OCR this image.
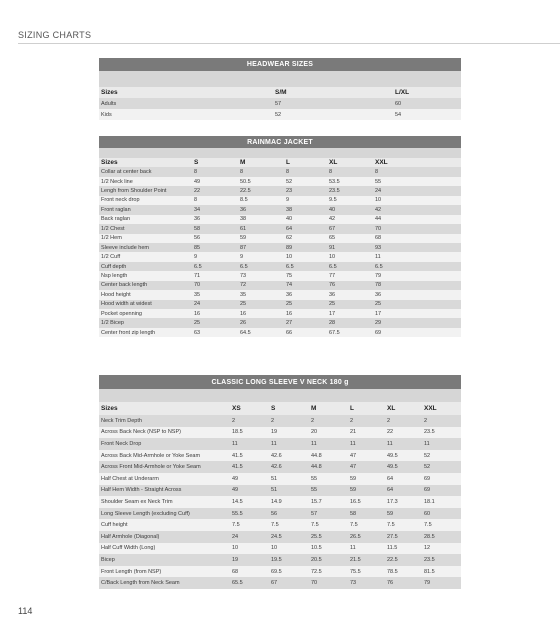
SIZING CHARTS
HEADWEAR SIZES
Sizes	S/M	L/XL
Adults	57	60
Kids	52	54
RAINMAC JACKET
Sizes	S	M	L	XL	XXL
Collar at center back	8	8	8	8	8
1/2 Neck line	49	50.5	52	53.5	55
Lengh from Shoulder Point	22	22.5	23	23.5	24
Front neck drop	8	8.5	9	9.5	10
Front raglan	34	36	38	40	42
Back raglan	36	38	40	42	44
1/2 Chest	58	61	64	67	70
1/2 Hem	56	59	62	65	68
Sleeve include hem	85	87	89	91	93
1/2 Cuff	9	9	10	10	11
Cuff depth	6.5	6.5	6.5	6.5	6.5
Nsp length	71	73	75	77	79
Center back length	70	72	74	76	78
Hood height	35	35	36	36	36
Hood width at widest	24	25	25	25	25
Pocket openning	16	16	16	17	17
1/2 Bicep	25	26	27	28	29
Center front zip length	63	64.5	66	67.5	69
CLASSIC LONG SLEEVE V NECK 180 g
Sizes	XS	S	M	L	XL	XXL
Neck Trim Depth	2	2	2	2	2	2
Across Back Neck (NSP to NSP)	18.5	19	20	21	22	23.5
Front Neck Drop	11	11	11	11	11	11
Across Back Mid-Armhole or Yoke Seam	41.5	42.6	44.8	47	49.5	52
Across Front Mid-Armhole or Yoke Seam	41.5	42.6	44.8	47	49.5	52
Half Chest at Underarm	49	51	55	59	64	69
Half Hem Width - Straight Across	49	51	55	59	64	69
Shoulder Seam ex Neck Trim	14.5	14.9	15.7	16.5	17.3	18.1
Long Sleeve Length (excluding Cuff)	55.5	56	57	58	59	60
Cuff height	7.5	7.5	7.5	7.5	7.5	7.5
Half Armhole (Diagonal)	24	24.5	25.5	26.5	27.5	28.5
Half Cuff Width (Long)	10	10	10.5	11	11.5	12
Bicep	19	19.5	20.5	21.5	22.5	23.5
Front Length (from NSP)	68	69.5	72.5	75.5	78.5	81.5
C/Back Length from Neck Seam	65.5	67	70	73	76	79
114
